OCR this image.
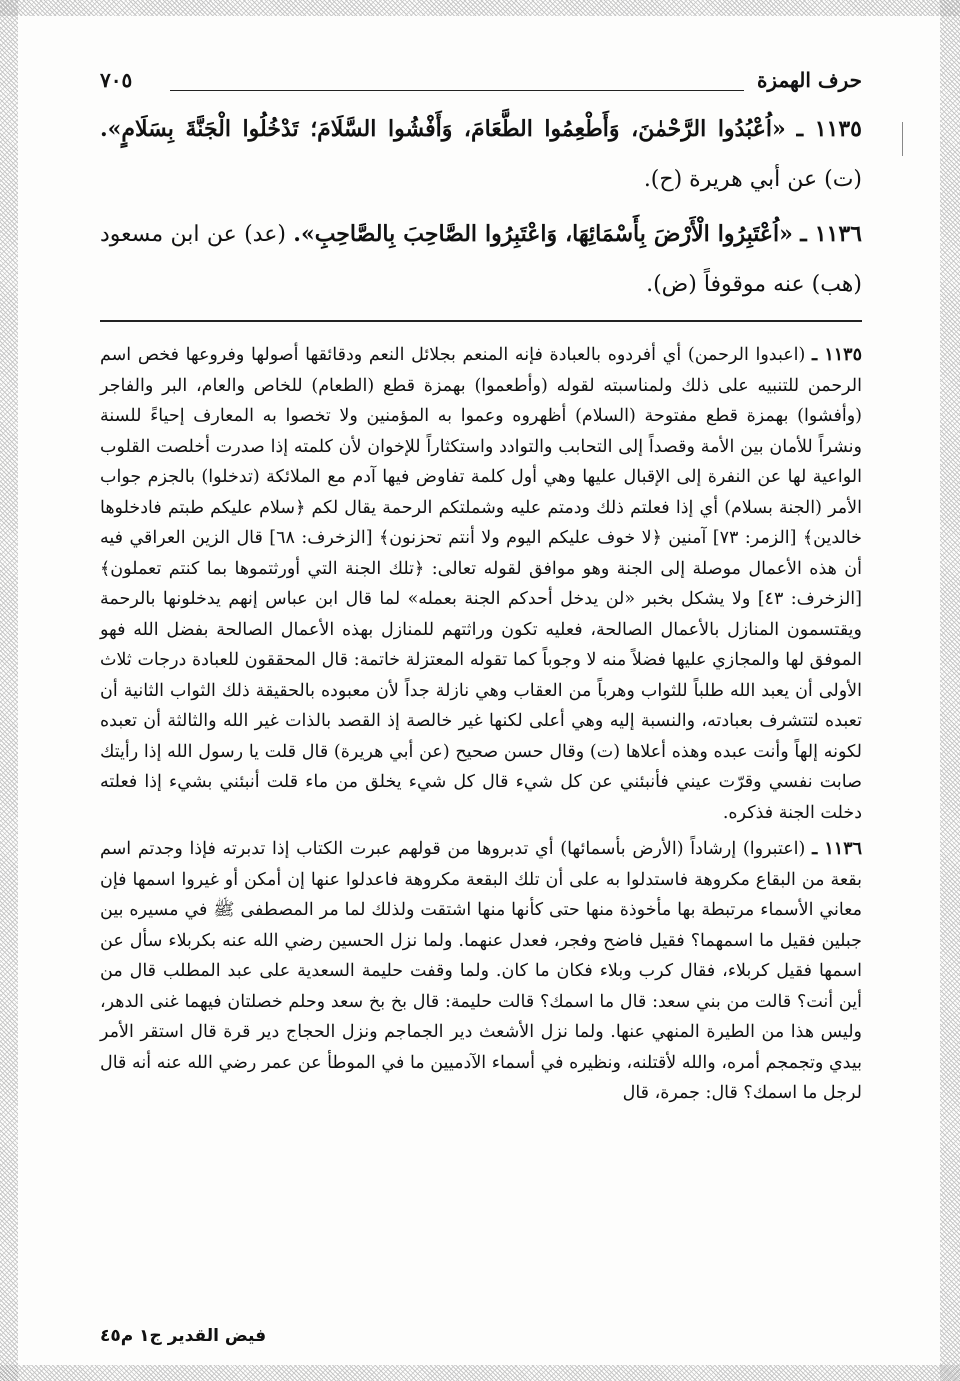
حرف الهمزة
٧٠٥
١١٣٥ ـ «اُعْبُدُوا الرَّحْمٰنَ، وَأَطْعِمُوا الطَّعَامَ، وَأَفْشُوا السَّلَامَ؛ تَدْخُلُوا الْجَنَّةَ بِسَلَامٍ». (ت) عن أبي هريرة (ح).
١١٣٦ ـ «اُعْتَبِرُوا الْأَرْضَ بِأَسْمَائِهَا، وَاعْتَبِرُوا الصَّاحِبَ بِالصَّاحِبِ». (عد) عن ابن مسعود (هب) عنه موقوفاً (ض).
١١٣٥ ـ (اعبدوا الرحمن) أي أفردوه بالعبادة فإنه المنعم بجلائل النعم ودقائقها أصولها وفروعها فخص اسم الرحمن للتنبيه على ذلك ولمناسبته لقوله (وأطعموا) بهمزة قطع (الطعام) للخاص والعام، البر والفاجر (وأفشوا) بهمزة قطع مفتوحة (السلام) أظهروه وعموا به المؤمنين ولا تخصوا به المعارف إحياءً للسنة ونشراً للأمان بين الأمة وقصداً إلى التحابب والتوادد واستكثاراً للإخوان لأن كلمته إذا صدرت أخلصت القلوب الواعية لها عن النفرة إلى الإقبال عليها وهي أول كلمة تفاوض فيها آدم مع الملائكة (تدخلوا) بالجزم جواب الأمر (الجنة بسلام) أي إذا فعلتم ذلك ودمتم عليه وشملتكم الرحمة يقال لكم ﴿سلام عليكم طبتم فادخلوها خالدين﴾ [الزمر: ٧٣] آمنين ﴿لا خوف عليكم اليوم ولا أنتم تحزنون﴾ [الزخرف: ٦٨] قال الزين العراقي فيه أن هذه الأعمال موصلة إلى الجنة وهو موافق لقوله تعالى: ﴿تلك الجنة التي أورثتموها بما كنتم تعملون﴾ [الزخرف: ٤٣] ولا يشكل بخبر «لن يدخل أحدكم الجنة بعمله» لما قال ابن عباس إنهم يدخلونها بالرحمة ويقتسمون المنازل بالأعمال الصالحة، فعليه تكون وراثتهم للمنازل بهذه الأعمال الصالحة بفضل الله فهو الموفق لها والمجازي عليها فضلاً منه لا وجوباً كما تقوله المعتزلة خاتمة: قال المحققون للعبادة درجات ثلاث الأولى أن يعبد الله طلباً للثواب وهرباً من العقاب وهي نازلة جداً لأن معبوده بالحقيقة ذلك الثواب الثانية أن تعبده لتتشرف بعبادته، والنسبة إليه وهي أعلى لكنها غير خالصة إذ القصد بالذات غير الله والثالثة أن تعبده لكونه إلهاً وأنت عبده وهذه أعلاها (ت) وقال حسن صحيح (عن أبي هريرة) قال قلت يا رسول الله إذا رأيتك صابت نفسي وقرّت عيني فأنبئني عن كل شيء قال كل شيء يخلق من ماء قلت أنبئني بشيء إذا فعلته دخلت الجنة فذكره.
١١٣٦ ـ (اعتبروا) إرشاداً (الأرض بأسمائها) أي تدبروها من قولهم عبرت الكتاب إذا تدبرته فإذا وجدتم اسم بقعة من البقاع مكروهة فاستدلوا به على أن تلك البقعة مكروهة فاعدلوا عنها إن أمكن أو غيروا اسمها فإن معاني الأسماء مرتبطة بها مأخوذة منها حتى كأنها منها اشتقت ولذلك لما مر المصطفى ﷺ في مسيره بين جبلين فقيل ما اسمهما؟ فقيل فاضح وفجر، فعدل عنهما. ولما نزل الحسين رضي الله عنه بكربلاء سأل عن اسمها فقيل كربلاء، فقال كرب وبلاء فكان ما كان. ولما وقفت حليمة السعدية على عبد المطلب قال من أين أنت؟ قالت من بني سعد: قال ما اسمك؟ قالت حليمة: قال بخ بخ سعد وحلم خصلتان فيهما غنى الدهر، وليس هذا من الطيرة المنهي عنها. ولما نزل الأشعث دير الجماجم ونزل الحجاج دير قرة قال استقر الأمر بيدي وتجمجم أمره، والله لأقتلنه، ونظيره في أسماء الآدميين ما في الموطأ عن عمر رضي الله عنه أنه قال لرجل ما اسمك؟ قال: جمرة، قال
فيض القدير ج١ م٤٥
